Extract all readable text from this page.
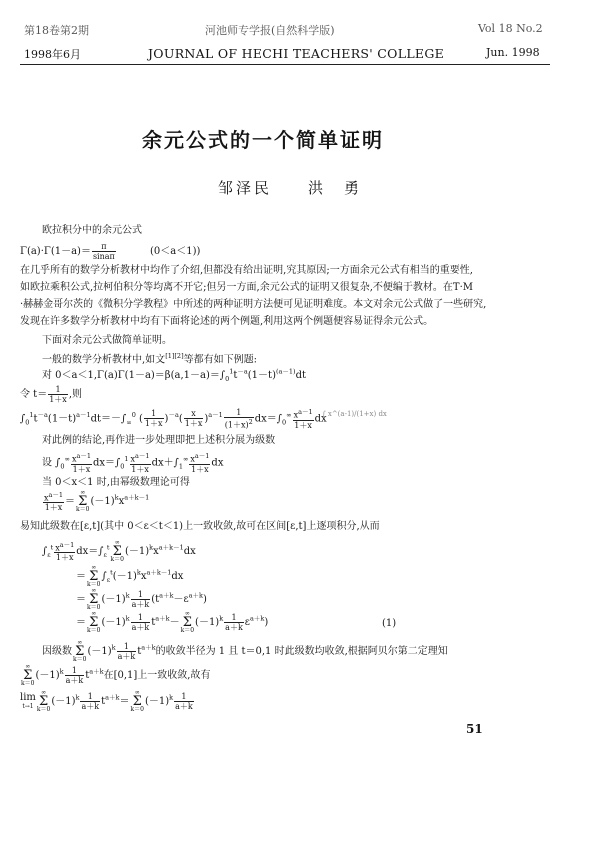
第18卷第2期
1998年6月
河池师专学报(自然科学版)
JOURNAL OF HECHI TEACHERS' COLLEGE
Vol 18 No.2
Jun. 1998
余元公式的一个简单证明
邹泽民　　洪　勇
欧拉积分中的余元公式
$\Gamma(a)\cdot\Gamma(1-a)= \frac{\pi}{\sin a\pi}$	(0＜a＜1))
在几乎所有的数学分析教材中均作了介绍,但都没有给出证明,究其原因;一方面余元公式有相当的重要性,
如欧拉乘积公式,拉柯伯积分等均离不开它;但另一方面,余元公式的证明又很复杂,不便编于教材。在T·M
·赫赫金哥尔茨的《微积分学教程》中所述的两种证明方法便可见证明难度。本文对余元公式做了一些研究,
发现在许多数学分析教材中均有下面将论述的两个例题,利用这两个例题便容易证得余元公式。
下面对余元公式做简单证明。
一般的数学分析教材中,如文[1][2]等都有如下例题:
对 $0<a<1,\Gamma(a)\Gamma(1-a)=\beta(a,1-a)=\int_0^1t^{-a}(1-t)^{(a-1)}dt$
令 $t= \frac{1}{1+x}$ ,则
$\int_0^1t^{-a}(1-t)^{a-1}dt=-\int_\infty^0$ ( $\frac{1}{1+x} )^{-a}( \frac{x}{1+x} )^{a-1} \frac{1}{(1+x)^2} dx=\int_0^\infty \frac{x^{a-1}}{1+x}$ dx
∫ x^(a-1)/(1+x) dx
对此例的结论,再作进一步处理即把上述积分展为级数
设 $\int_0^\infty \frac{x^{a-1}}{1+x} dx=\int_0^1 \frac{x^{a-1}}{1+x} dx+\int_1^\infty \frac{x^{a-1}}{1+x}$ dx
当 0＜x＜1 时,由幂级数理论可得
$\frac{x^{a-1}}{1+x}$ ＝∞
Σ
$k=0(-1)^kx^{a+k-1}$
易知此级数在[ε,t](其中 0＜ε＜t＜1)上一致收敛,故可在区间[ε,t]上逐项积分,从而
$\int_\varepsilon^t \frac{x^{a-1}}{1+x} dx=\int_\varepsilon^t\infty$
Σ
$k=0(-1)^kx^{a+k-1}dx$
＝∞
Σ
$k=0\int_\varepsilon^t(-1)^kx^{a+k-1}dx$
＝∞
Σ
$k=0(-1)^k \frac{1}{a+k} (t^{a+k}-\varepsilon^{a+k})$
＝∞
Σ
$k=0(-1)^k \frac{1}{a+k} t^{a+k}-\infty$
Σ
$k=0(-1)^k \frac{1}{a+k} \varepsilon^{a+k}$)	(1)
因级数∞
Σ
$k=0(-1)^k \frac{1}{a+k} t^{a+k}$的收敛半径为 1 且 t＝0,1 时此级数均收敛,根据阿贝尔第二定理知
∞
Σ
$k=0(-1)^k \frac{1}{a+k} t^{a+k}$在[0,1]上一致收敛,故有
lim
t→1
∞
Σ
$k=0(-1)^k \frac{1}{a+k} t^{a+k}=\infty$
Σ
$k=0(-1)^k \frac{1}{a+k}$
51
